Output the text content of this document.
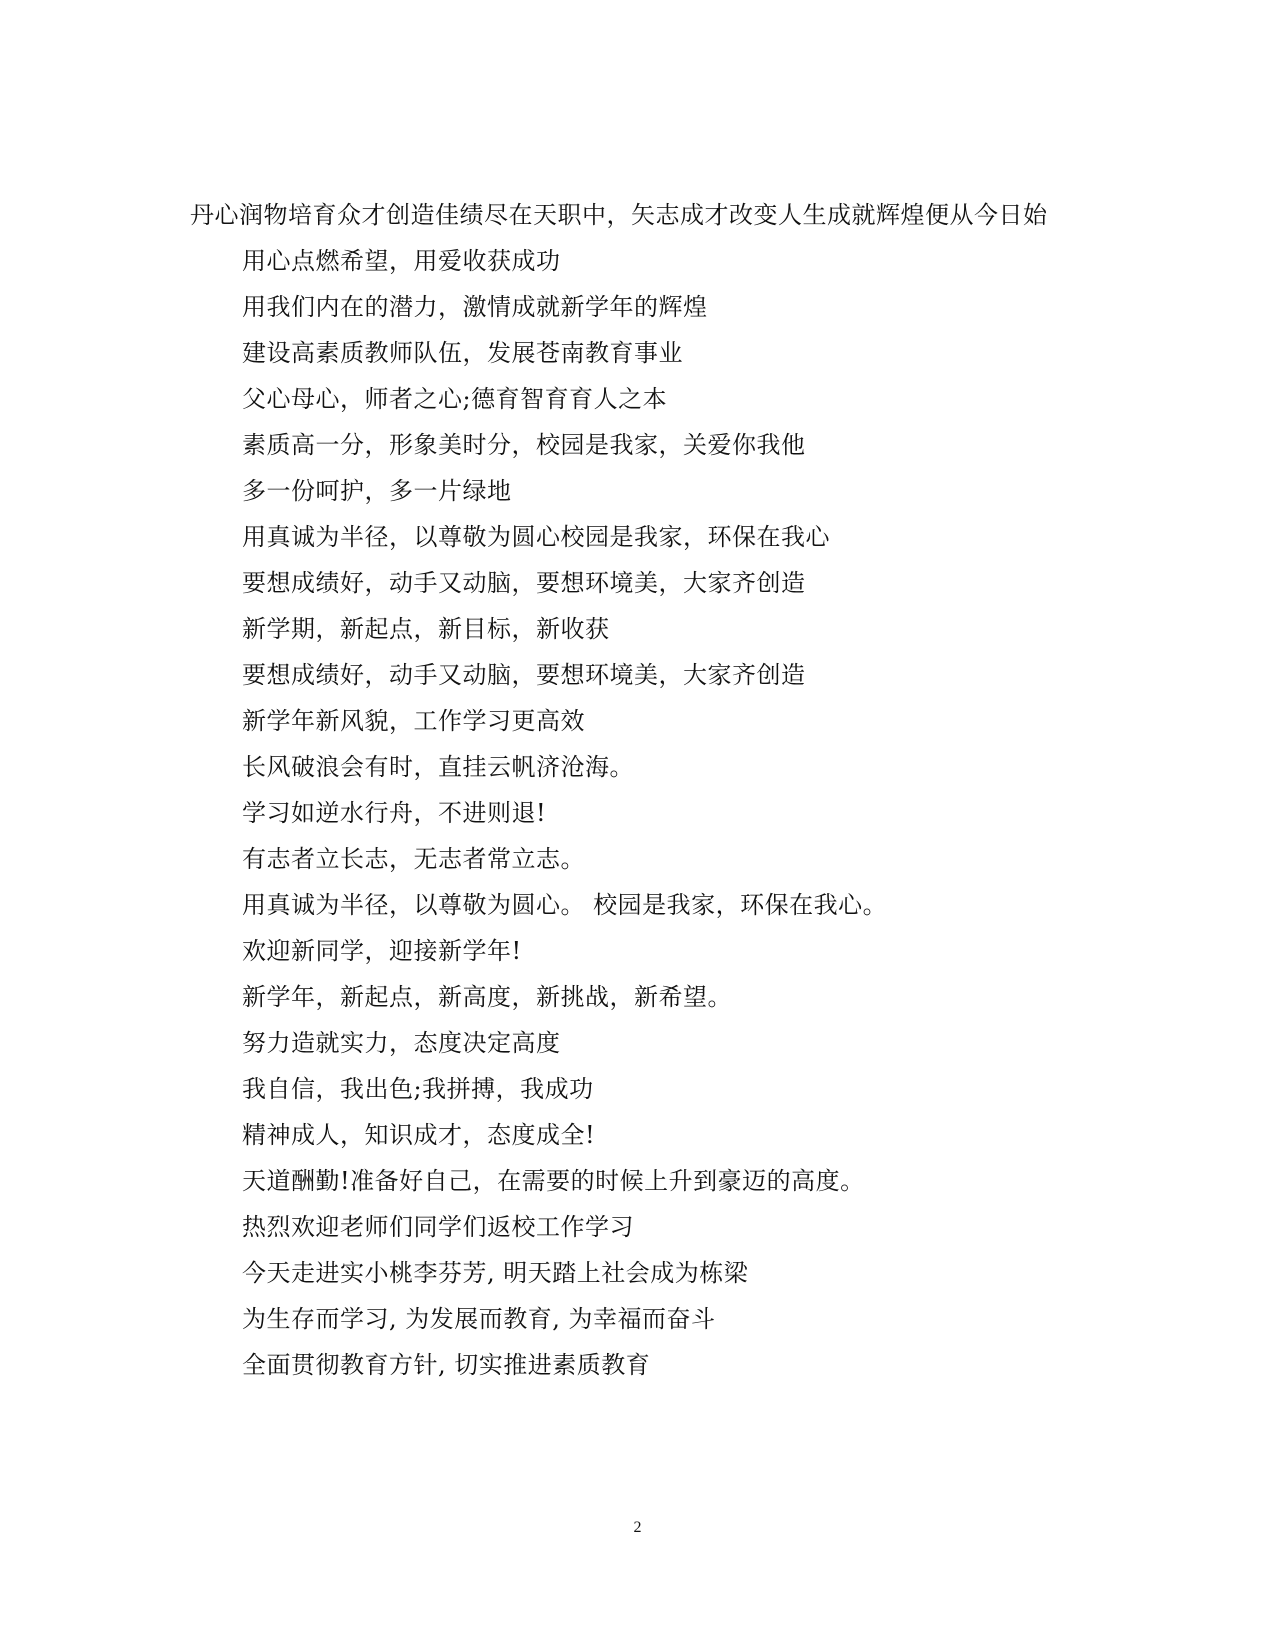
丹心润物培育众才创造佳绩尽在天职中，矢志成才改变人生成就辉煌便从今日始
用心点燃希望，用爱收获成功
用我们内在的潜力，激情成就新学年的辉煌
建设高素质教师队伍，发展苍南教育事业
父心母心，师者之心;德育智育育人之本
素质高一分，形象美时分，校园是我家，关爱你我他
多一份呵护，多一片绿地
用真诚为半径，以尊敬为圆心校园是我家，环保在我心
要想成绩好，动手又动脑，要想环境美，大家齐创造
新学期，新起点，新目标，新收获
要想成绩好，动手又动脑，要想环境美，大家齐创造
新学年新风貌，工作学习更高效
长风破浪会有时，直挂云帆济沧海。
学习如逆水行舟，不进则退!
有志者立长志，无志者常立志。
用真诚为半径，以尊敬为圆心。 校园是我家，环保在我心。
欢迎新同学，迎接新学年!
新学年，新起点，新高度，新挑战，新希望。
努力造就实力，态度决定高度
我自信，我出色;我拼搏，我成功
精神成人，知识成才，态度成全!
天道酬勤!准备好自己，在需要的时候上升到豪迈的高度。
热烈欢迎老师们同学们返校工作学习
今天走进实小桃李芬芳, 明天踏上社会成为栋梁
为生存而学习, 为发展而教育, 为幸福而奋斗
全面贯彻教育方针, 切实推进素质教育
2
